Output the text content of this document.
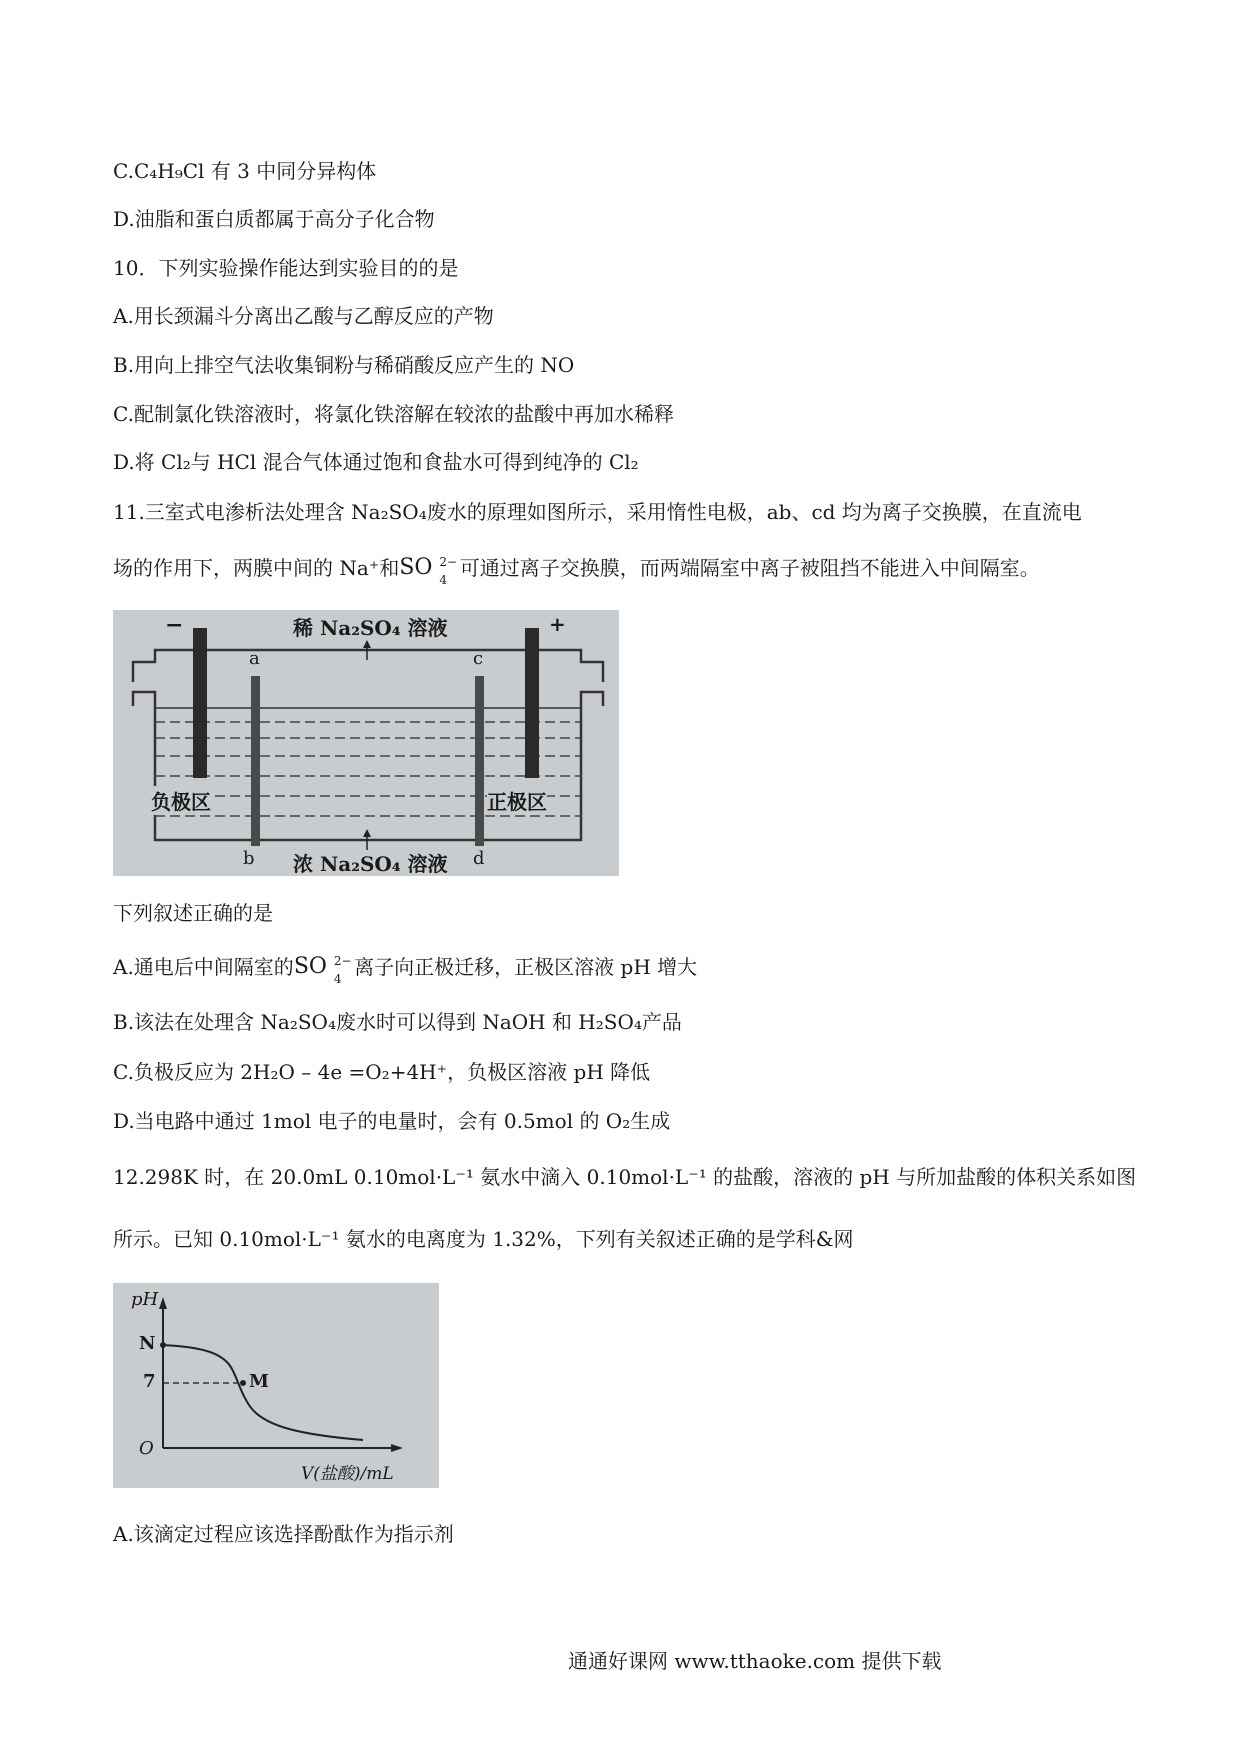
C.C₄H₉Cl 有 3 中同分异构体
D.油脂和蛋白质都属于高分子化合物
10．下列实验操作能达到实验目的的是
A.用长颈漏斗分离出乙酸与乙醇反应的产物
B.用向上排空气法收集铜粉与稀硝酸反应产生的 NO
C.配制氯化铁溶液时，将氯化铁溶解在较浓的盐酸中再加水稀释
D.将 Cl₂与 HCl 混合气体通过饱和食盐水可得到纯净的 Cl₂
11.三室式电渗析法处理含 Na₂SO₄废水的原理如图所示，采用惰性电极，ab、cd 均为离子交换膜，在直流电
场的作用下，两膜中间的 Na⁺和 SO 2−
4 可通过离子交换膜，而两端隔室中离子被阻挡不能进入中间隔室。
稀 Na₂SO₄ 溶液
浓 Na₂SO₄ 溶液
−	+
a	c
b	d
负极区	正极区
下列叙述正确的是
A.通电后中间隔室的 SO 2−
4 离子向正极迁移，正极区溶液 pH 增大
B.该法在处理含 Na₂SO₄废水时可以得到 NaOH 和 H₂SO₄产品
C.负极反应为 2H₂O – 4e =O₂+4H⁺，负极区溶液 pH 降低
D.当电路中通过 1mol 电子的电量时，会有 0.5mol 的 O₂生成
12.298K 时，在 20.0mL 0.10mol·L⁻¹ 氨水中滴入 0.10mol·L⁻¹ 的盐酸，溶液的 pH 与所加盐酸的体积关系如图
所示。已知 0.10mol·L⁻¹ 氨水的电离度为 1.32%，下列有关叙述正确的是学科&网
pH
N
7	M
O
V(盐酸)/mL
A.该滴定过程应该选择酚酞作为指示剂
通通好课网 www.tthaoke.com 提供下载
